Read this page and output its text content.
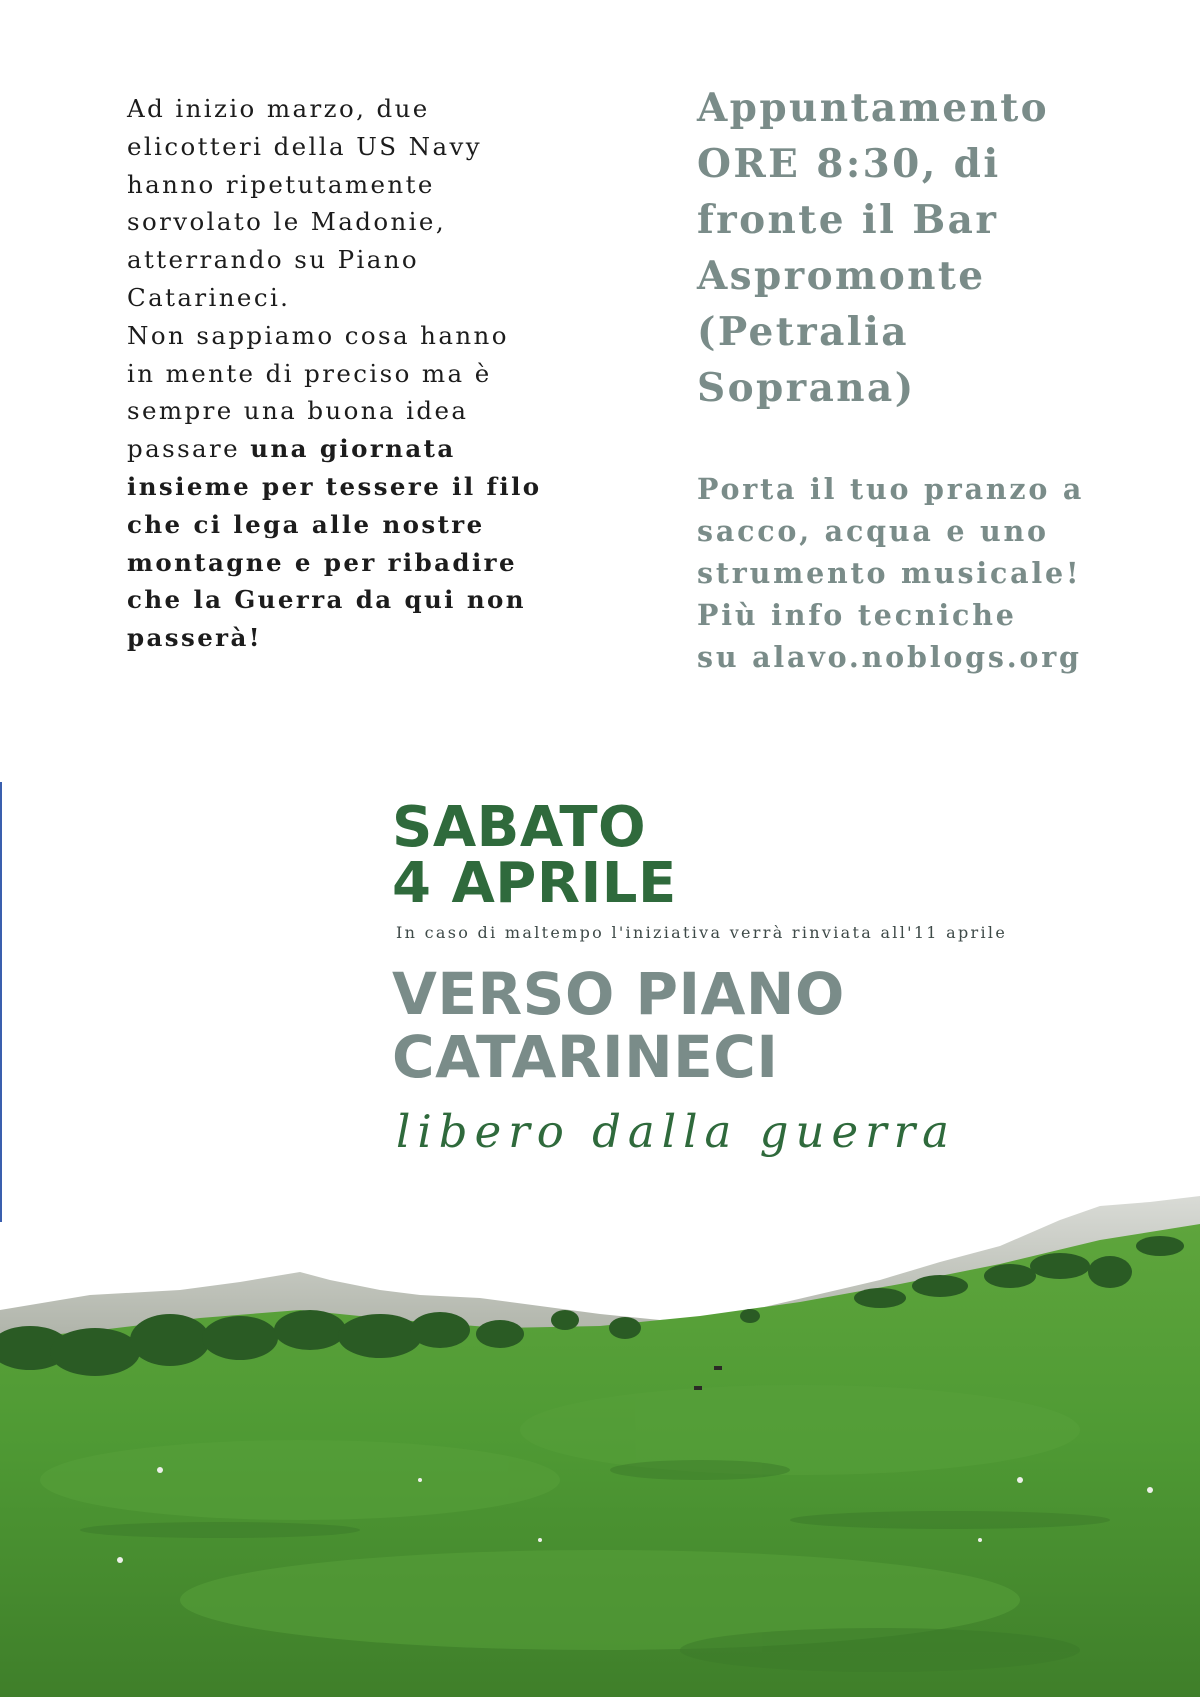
Ad inizio marzo, due
elicotteri della US Navy
hanno ripetutamente
sorvolato le Madonie,
atterrando su Piano
Catarineci.
Non sappiamo cosa hanno
in mente di preciso ma è
sempre una buona idea
passare una giornata
insieme per tessere il filo
che ci lega alle nostre
montagne e per ribadire
che la Guerra da qui non
passerà!
Appuntamento
ORE 8:30, di
fronte il Bar
Aspromonte
(Petralia
Soprana)
Porta il tuo pranzo a
sacco, acqua e uno
strumento musicale!
Più info tecniche
su alavo.noblogs.org
SABATO
4 APRILE
In caso di maltempo l'iniziativa verrà rinviata all'11 aprile
VERSO PIANO
CATARINECI
libero dalla guerra
